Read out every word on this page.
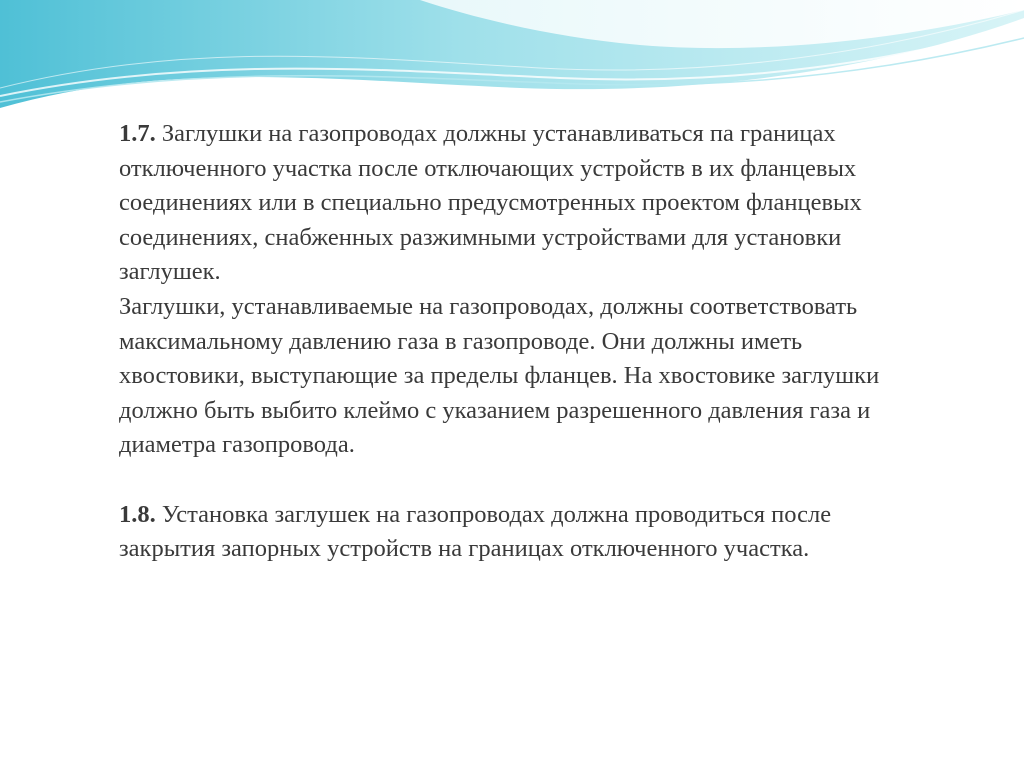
1.7. Заглушки на газопроводах должны устанавливаться па границах отключенного участка после отключающих устройств в их фланцевых соединениях или в специально предусмотренных проектом фланцевых соединениях, снабженных разжимными устройствами для установки заглушек.

Заглушки, устанавливаемые на газопроводах, должны соответствовать максимальному давлению газа в газопроводе. Они должны иметь хвостовики, выступающие за пределы фланцев. На хвостовике заглушки должно быть выбито клеймо с указанием разрешенного давления газа и диаметра газопровода.

1.8. Установка заглушек на газопроводах должна проводиться после закрытия запорных устройств на границах отключенного участка.
